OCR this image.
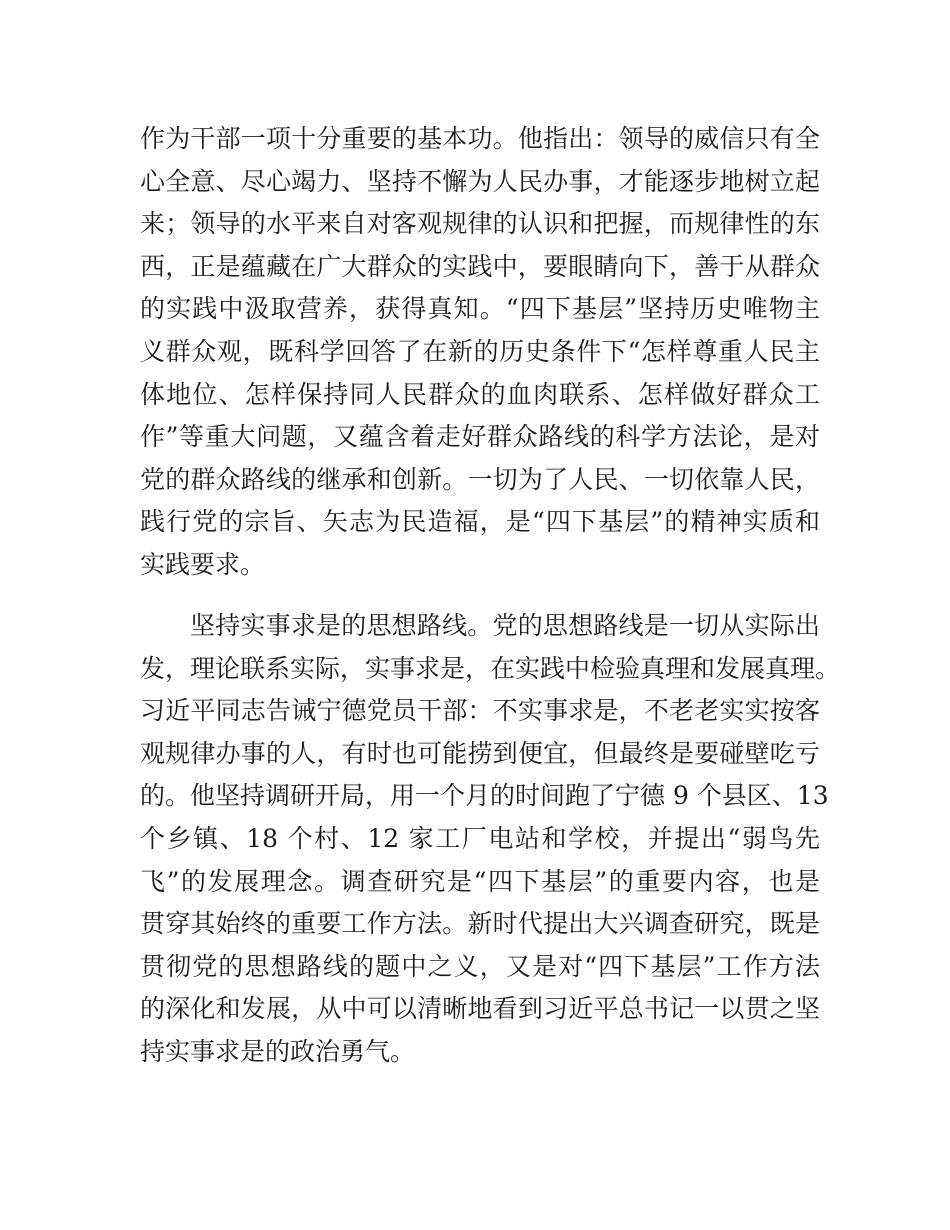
作为干部一项十分重要的基本功。他指出：领导的威信只有全
心全意、尽心竭力、坚持不懈为人民办事，才能逐步地树立起
来；领导的水平来自对客观规律的认识和把握，而规律性的东
西，正是蕴藏在广大群众的实践中，要眼睛向下，善于从群众
的实践中汲取营养，获得真知。“四下基层”坚持历史唯物主
义群众观，既科学回答了在新的历史条件下“怎样尊重人民主
体地位、怎样保持同人民群众的血肉联系、怎样做好群众工
作”等重大问题，又蕴含着走好群众路线的科学方法论，是对
党的群众路线的继承和创新。一切为了人民、一切依靠人民，
践行党的宗旨、矢志为民造福，是“四下基层”的精神实质和
实践要求。
坚持实事求是的思想路线。党的思想路线是一切从实际出
发，理论联系实际，实事求是，在实践中检验真理和发展真理。
习近平同志告诫宁德党员干部：不实事求是，不老老实实按客
观规律办事的人，有时也可能捞到便宜，但最终是要碰壁吃亏
的。他坚持调研开局，用一个月的时间跑了宁德 9 个县区、13
个乡镇、18 个村、12 家工厂电站和学校，并提出“弱鸟先
飞”的发展理念。调查研究是“四下基层”的重要内容，也是
贯穿其始终的重要工作方法。新时代提出大兴调查研究，既是
贯彻党的思想路线的题中之义，又是对“四下基层”工作方法
的深化和发展，从中可以清晰地看到习近平总书记一以贯之坚
持实事求是的政治勇气。
